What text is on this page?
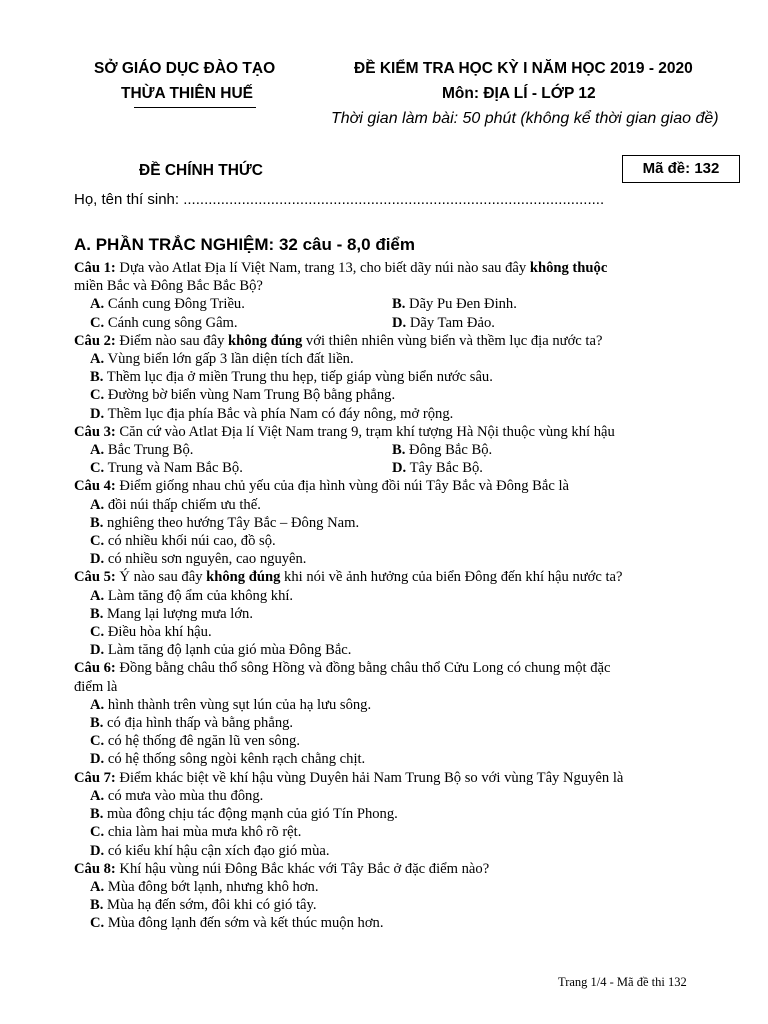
SỞ GIÁO DỤC ĐÀO TẠO
THỪA THIÊN HUẾ
ĐỀ KIỂM TRA HỌC KỲ I NĂM HỌC 2019 - 2020
Môn: ĐỊA LÍ - LỚP 12
Thời gian làm bài: 50 phút (không kể thời gian giao đề)
ĐỀ CHÍNH THỨC	Mã đề: 132
Họ, tên thí sinh: .....................................................................................................
A. PHẦN TRẮC NGHIỆM: 32 câu - 8,0 điểm
Câu 1: Dựa vào Atlat Địa lí Việt Nam, trang 13, cho biết dãy núi nào sau đây không thuộc
miền Bắc và Đông Bắc Bắc Bộ?
A. Cánh cung Đông Triều.	B. Dãy Pu Đen Đinh.
C. Cánh cung sông Gâm.	D. Dãy Tam Đảo.
Câu 2: Điểm nào sau đây không đúng với thiên nhiên vùng biển và thềm lục địa nước ta?
A. Vùng biển lớn gấp 3 lần diện tích đất liền.
B. Thềm lục địa ở miền Trung thu hẹp, tiếp giáp vùng biển nước sâu.
C. Đường bờ biển vùng Nam Trung Bộ bằng phẳng.
D. Thềm lục địa phía Bắc và phía Nam có đáy nông, mở rộng.
Câu 3: Căn cứ vào Atlat Địa lí Việt Nam trang 9, trạm khí tượng Hà Nội thuộc vùng khí hậu
A. Bắc Trung Bộ.	B. Đông Bắc Bộ.
C. Trung và Nam Bắc Bộ.	D. Tây Bắc Bộ.
Câu 4: Điểm giống nhau chủ yếu của địa hình vùng đồi núi Tây Bắc và Đông Bắc là
A. đồi núi thấp chiếm ưu thế.
B. nghiêng theo hướng Tây Bắc – Đông Nam.
C. có nhiều khối núi cao, đồ sộ.
D. có nhiều sơn nguyên, cao nguyên.
Câu 5: Ý nào sau đây không đúng khi nói về ảnh hưởng của biển Đông đến khí hậu nước ta?
A. Làm tăng độ ẩm của không khí.
B. Mang lại lượng mưa lớn.
C. Điều hòa khí hậu.
D. Làm tăng độ lạnh của gió mùa Đông Bắc.
Câu 6: Đồng bằng châu thổ sông Hồng và đồng bằng châu thổ Cửu Long có chung một đặc
điểm là
A. hình thành trên vùng sụt lún của hạ lưu sông.
B. có địa hình thấp và bằng phẳng.
C. có hệ thống đê ngăn lũ ven sông.
D. có hệ thống sông ngòi kênh rạch chằng chịt.
Câu 7: Điểm khác biệt về khí hậu vùng Duyên hải Nam Trung Bộ so với vùng Tây Nguyên là
A. có mưa vào mùa thu đông.
B. mùa đông chịu tác động mạnh của gió Tín Phong.
C. chia làm hai mùa mưa khô rõ rệt.
D. có kiểu khí hậu cận xích đạo gió mùa.
Câu 8: Khí hậu vùng núi Đông Bắc khác với Tây Bắc ở đặc điểm nào?
A. Mùa đông bớt lạnh, nhưng khô hơn.
B. Mùa hạ đến sớm, đôi khi có gió tây.
C. Mùa đông lạnh đến sớm và kết thúc muộn hơn.
Trang 1/4 - Mã đề thi 132
